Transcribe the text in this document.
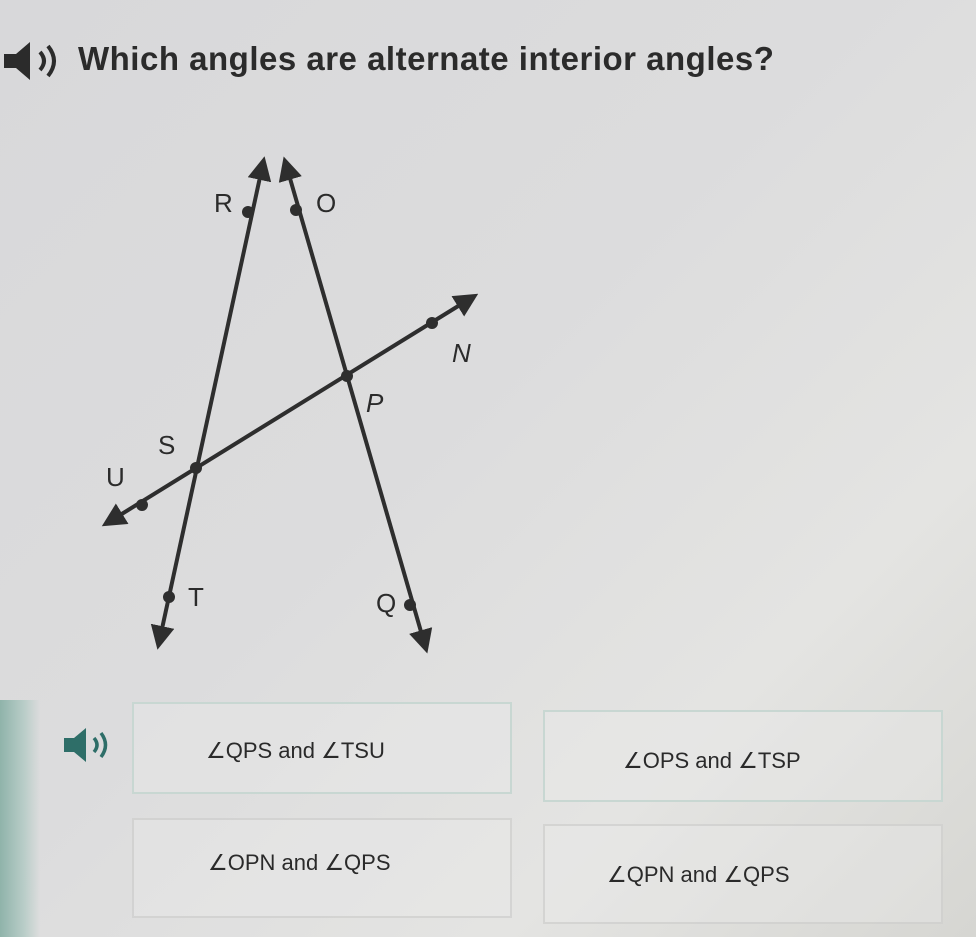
Which angles are alternate interior angles?
R	O
N
P
S
U
T	Q
∠QPS and ∠TSU	∠OPS and ∠TSP
∠OPN and ∠QPS	∠QPN and ∠QPS
